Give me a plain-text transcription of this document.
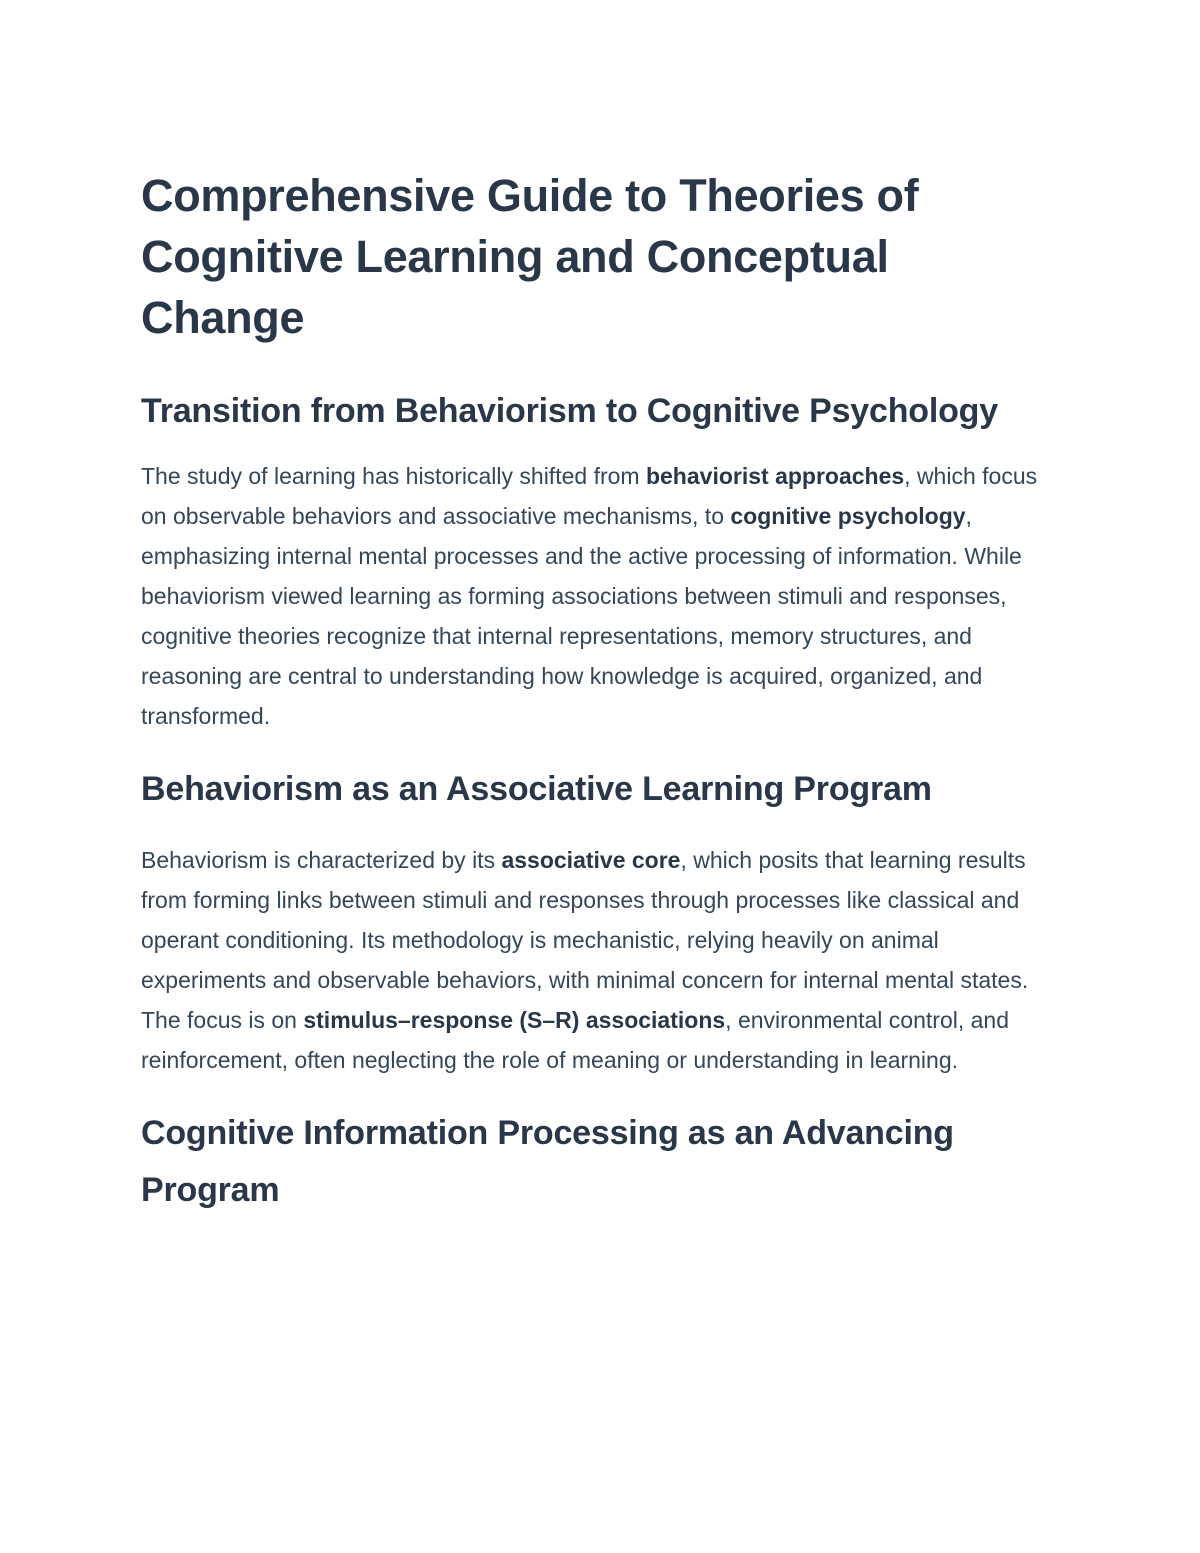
Comprehensive Guide to Theories of Cognitive Learning and Conceptual Change
Transition from Behaviorism to Cognitive Psychology

The study of learning has historically shifted from behaviorist approaches, which focus on observable behaviors and associative mechanisms, to cognitive psychology, emphasizing internal mental processes and the active processing of information. While behaviorism viewed learning as forming associations between stimuli and responses, cognitive theories recognize that internal representations, memory structures, and reasoning are central to understanding how knowledge is acquired, organized, and transformed.

Behaviorism as an Associative Learning Program

Behaviorism is characterized by its associative core, which posits that learning results from forming links between stimuli and responses through processes like classical and operant conditioning. Its methodology is mechanistic, relying heavily on animal experiments and observable behaviors, with minimal concern for internal mental states. The focus is on stimulus–response (S–R) associations, environmental control, and reinforcement, often neglecting the role of meaning or understanding in learning.

Cognitive Information Processing as an Advancing Program
